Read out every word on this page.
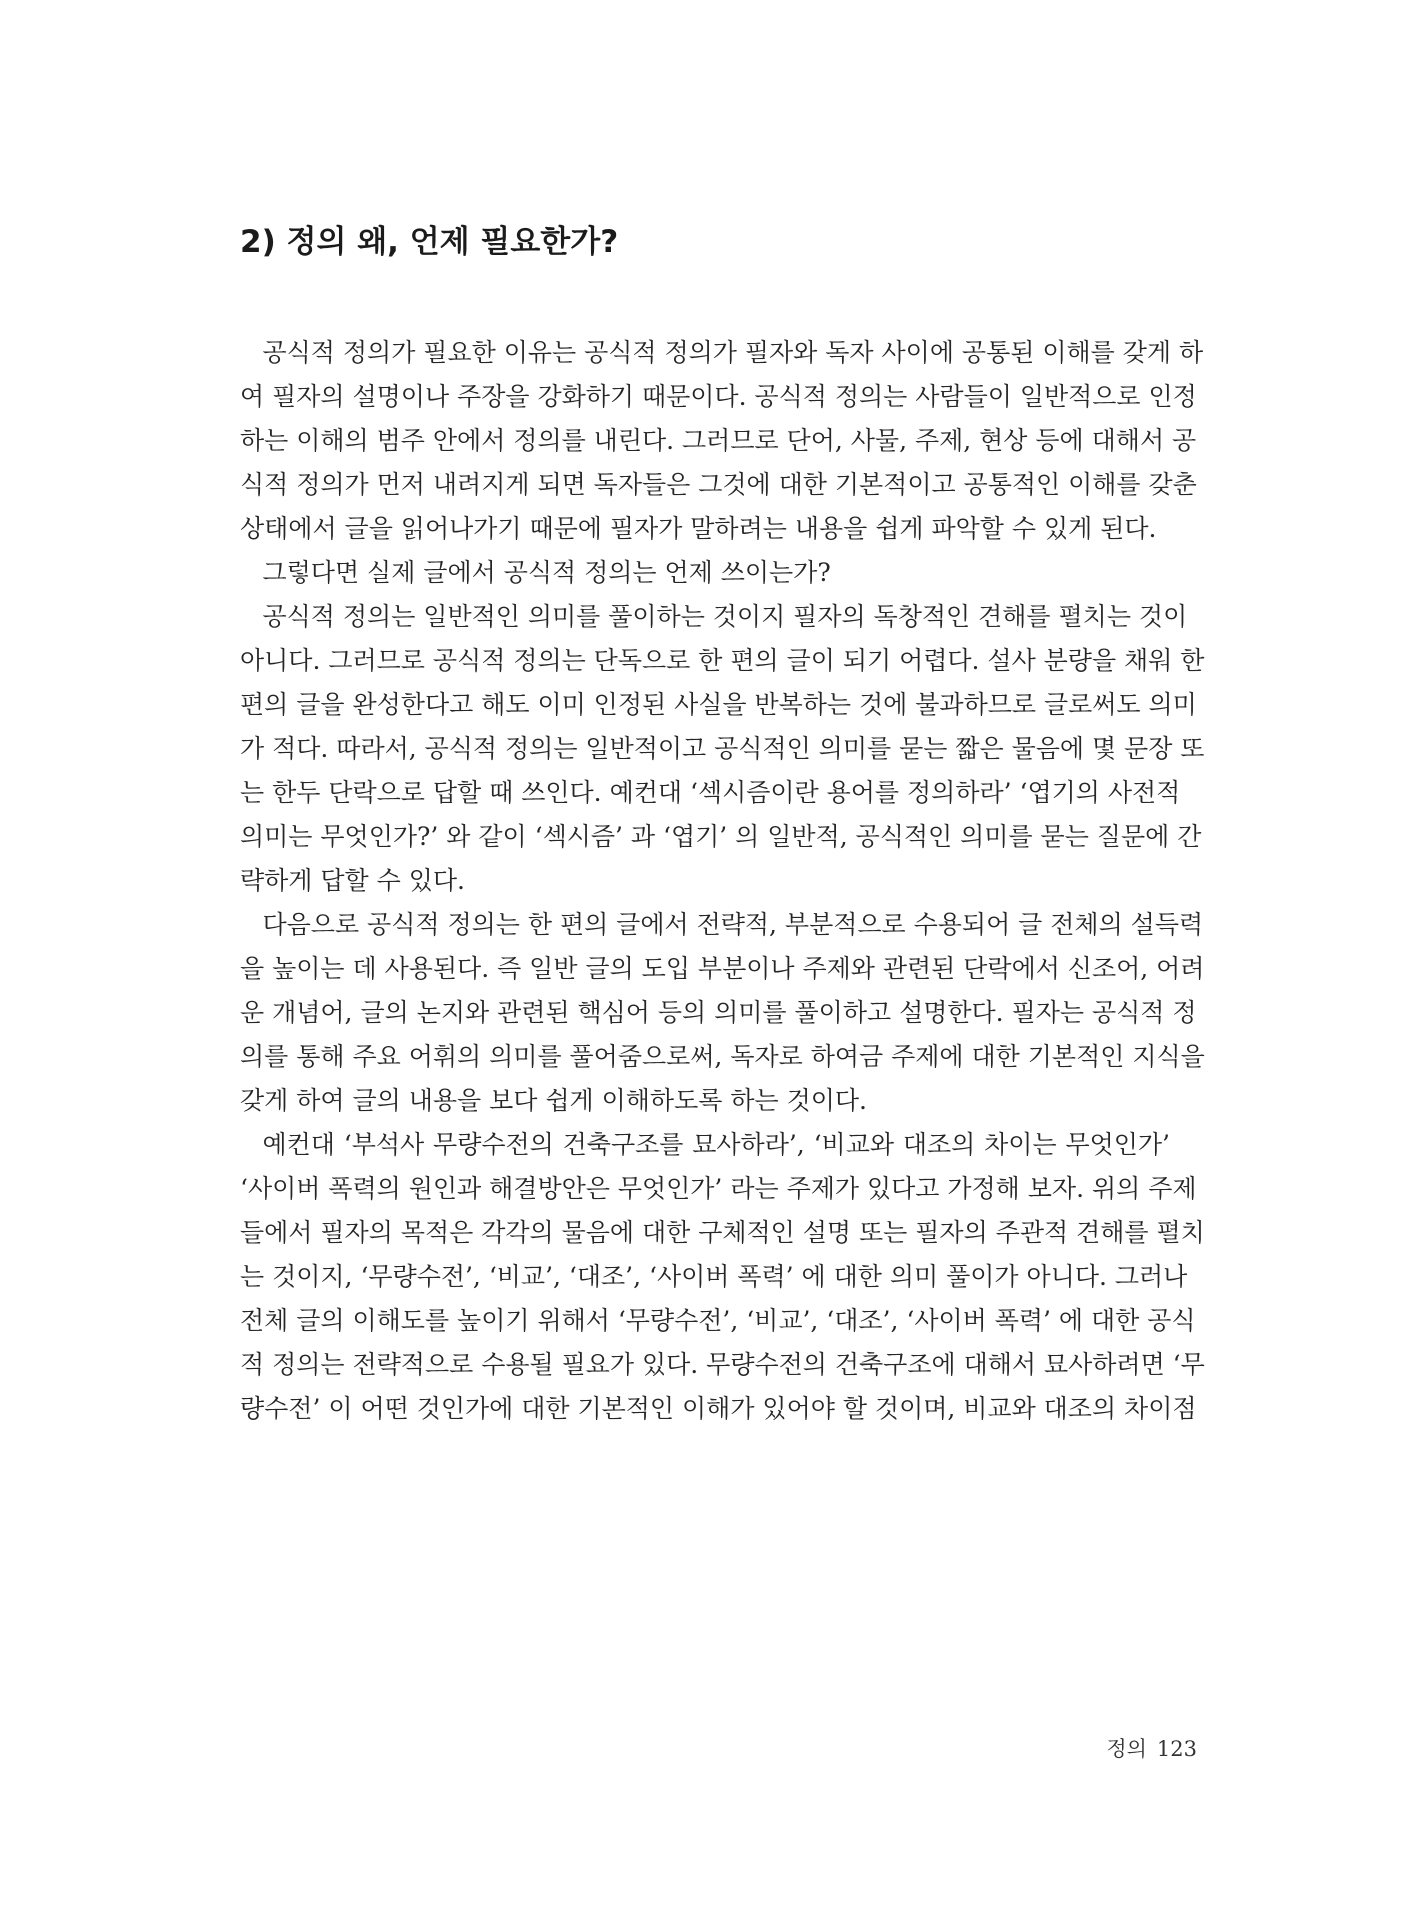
2) 정의 왜, 언제 필요한가?
공식적 정의가 필요한 이유는 공식적 정의가 필자와 독자 사이에 공통된 이해를 갖게 하
여 필자의 설명이나 주장을 강화하기 때문이다. 공식적 정의는 사람들이 일반적으로 인정
하는 이해의 범주 안에서 정의를 내린다. 그러므로 단어, 사물, 주제, 현상 등에 대해서 공
식적 정의가 먼저 내려지게 되면 독자들은 그것에 대한 기본적이고 공통적인 이해를 갖춘
상태에서 글을 읽어나가기 때문에 필자가 말하려는 내용을 쉽게 파악할 수 있게 된다.
그렇다면 실제 글에서 공식적 정의는 언제 쓰이는가?
공식적 정의는 일반적인 의미를 풀이하는 것이지 필자의 독창적인 견해를 펼치는 것이
아니다. 그러므로 공식적 정의는 단독으로 한 편의 글이 되기 어렵다. 설사 분량을 채워 한
편의 글을 완성한다고 해도 이미 인정된 사실을 반복하는 것에 불과하므로 글로써도 의미
가 적다. 따라서, 공식적 정의는 일반적이고 공식적인 의미를 묻는 짧은 물음에 몇 문장 또
는 한두 단락으로 답할 때 쓰인다. 예컨대 ‘섹시즘이란 용어를 정의하라’ ‘엽기의 사전적
의미는 무엇인가?’ 와 같이 ‘섹시즘’ 과 ‘엽기’ 의 일반적, 공식적인 의미를 묻는 질문에 간
략하게 답할 수 있다.
다음으로 공식적 정의는 한 편의 글에서 전략적, 부분적으로 수용되어 글 전체의 설득력
을 높이는 데 사용된다. 즉 일반 글의 도입 부분이나 주제와 관련된 단락에서 신조어, 어려
운 개념어, 글의 논지와 관련된 핵심어 등의 의미를 풀이하고 설명한다. 필자는 공식적 정
의를 통해 주요 어휘의 의미를 풀어줌으로써, 독자로 하여금 주제에 대한 기본적인 지식을
갖게 하여 글의 내용을 보다 쉽게 이해하도록 하는 것이다.
예컨대 ‘부석사 무량수전의 건축구조를 묘사하라’, ‘비교와 대조의 차이는 무엇인가’
‘사이버 폭력의 원인과 해결방안은 무엇인가’ 라는 주제가 있다고 가정해 보자. 위의 주제
들에서 필자의 목적은 각각의 물음에 대한 구체적인 설명 또는 필자의 주관적 견해를 펼치
는 것이지, ‘무량수전’, ‘비교’, ‘대조’, ‘사이버 폭력’ 에 대한 의미 풀이가 아니다. 그러나
전체 글의 이해도를 높이기 위해서 ‘무량수전’, ‘비교’, ‘대조’, ‘사이버 폭력’ 에 대한 공식
적 정의는 전략적으로 수용될 필요가 있다. 무량수전의 건축구조에 대해서 묘사하려면 ‘무
량수전’ 이 어떤 것인가에 대한 기본적인 이해가 있어야 할 것이며, 비교와 대조의 차이점
정의 123
